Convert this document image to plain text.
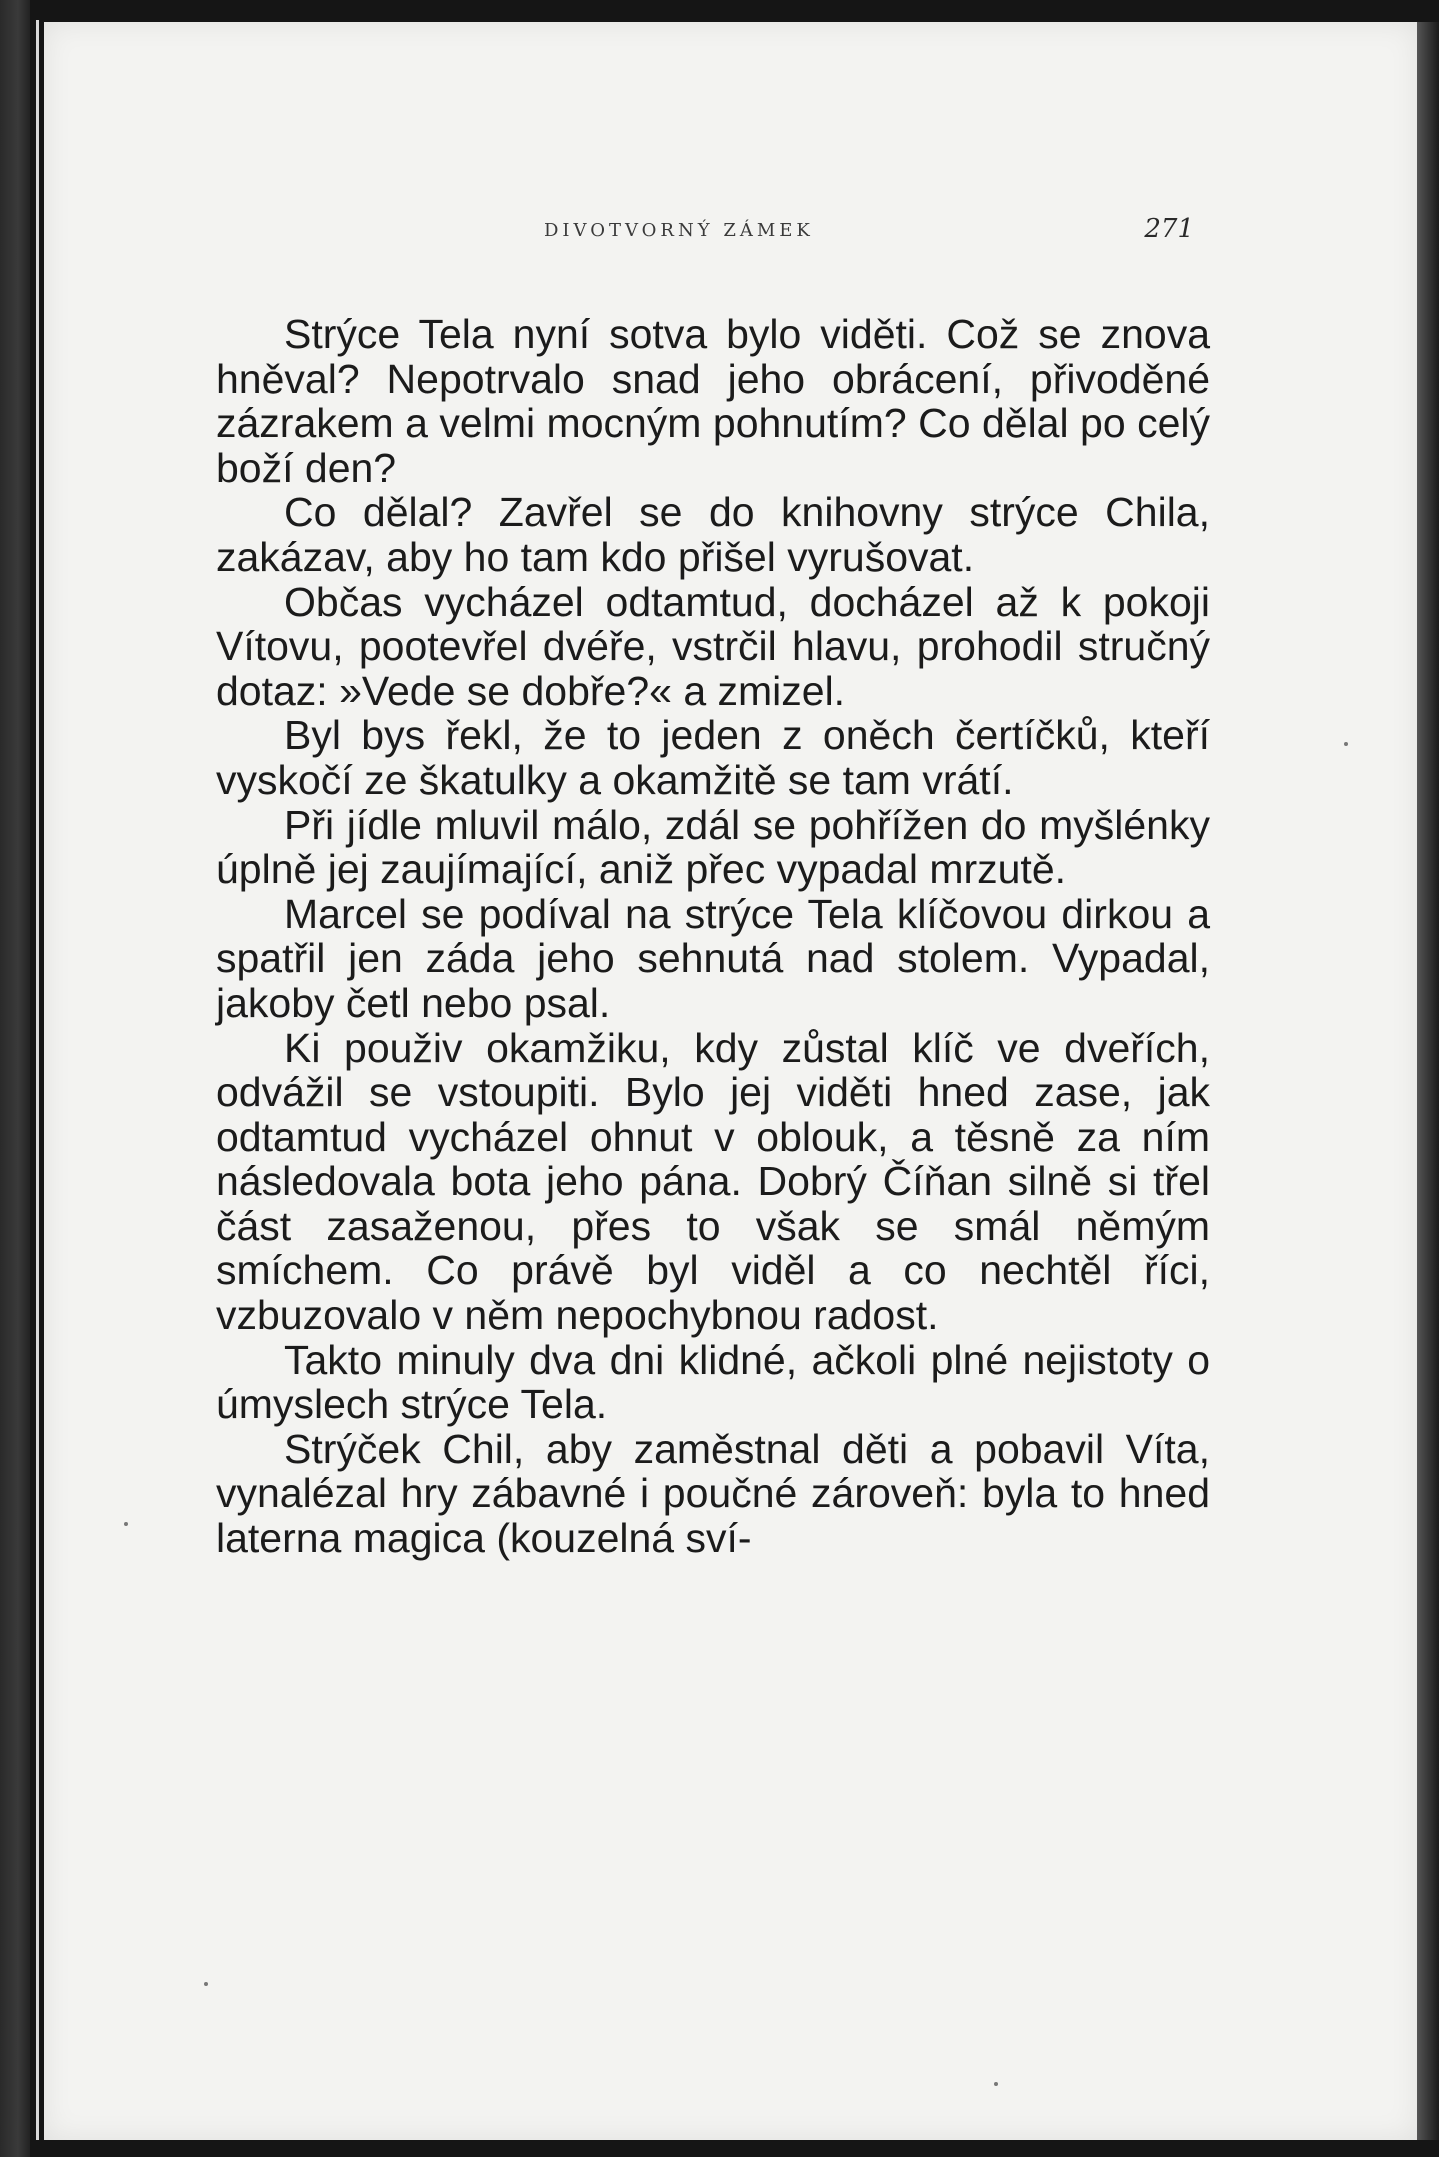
DIVOTVORNÝ ZÁMEK	271

Strýce Tela nyní sotva bylo viděti. Což se znova hněval? Nepotrvalo snad jeho obrácení, přivoděné zázrakem a velmi mocným pohnutím? Co dělal po celý boží den?

Co dělal? Zavřel se do knihovny strýce Chila, zakázav, aby ho tam kdo přišel vyrušovat.

Občas vycházel odtamtud, docházel až k pokoji Vítovu, pootevřel dvéře, vstrčil hlavu, prohodil stručný dotaz: »Vede se dobře?« a zmizel.

Byl bys řekl, že to jeden z oněch čertíčků, kteří vyskočí ze škatulky a okamžitě se tam vrátí.

Při jídle mluvil málo, zdál se pohřížen do myšlénky úplně jej zaujímající, aniž přec vypadal mrzutě.

Marcel se podíval na strýce Tela klíčovou dirkou a spatřil jen záda jeho sehnutá nad stolem. Vypadal, jakoby četl nebo psal.

Ki použiv okamžiku, kdy zůstal klíč ve dveřích, odvážil se vstoupiti. Bylo jej viděti hned zase, jak odtamtud vycházel ohnut v oblouk, a těsně za ním následovala bota jeho pána. Dobrý Číňan silně si třel část zasaženou, přes to však se smál němým smíchem. Co právě byl viděl a co nechtěl říci, vzbuzovalo v něm nepochybnou radost.

Takto minuly dva dni klidné, ačkoli plné nejistoty o úmyslech strýce Tela.

Strýček Chil, aby zaměstnal děti a pobavil Víta, vynalézal hry zábavné i poučné zároveň: byla to hned laterna magica (kouzelná sví-
